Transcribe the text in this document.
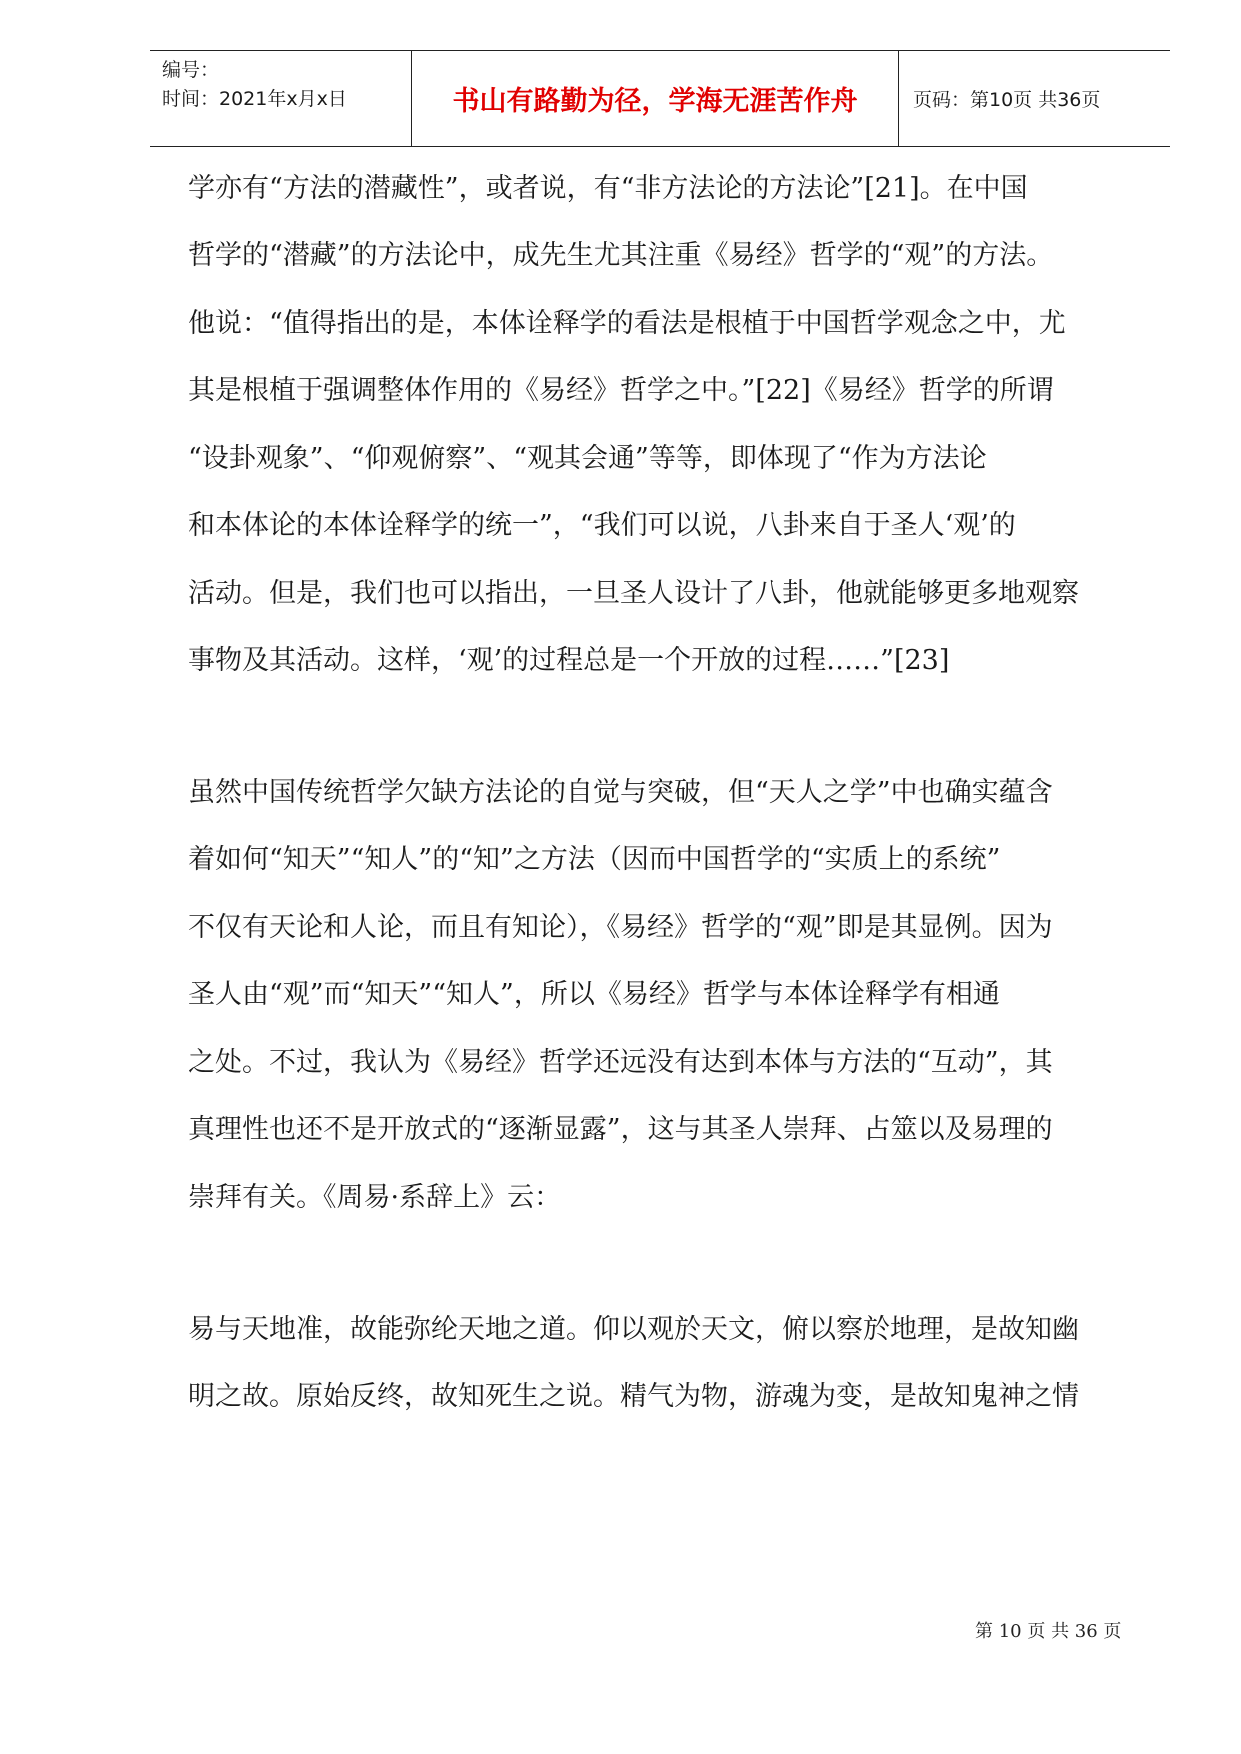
编号：
时间：2021年x月x日	书山有路勤为径，学海无涯苦作舟	页码：第10页 共36页
学亦有“方法的潜藏性”，或者说，有“非方法论的方法论”[21]。在中国
哲学的“潜藏”的方法论中，成先生尤其注重《易经》哲学的“观”的方法。
他说：“值得指出的是，本体诠释学的看法是根植于中国哲学观念之中，尤
其是根植于强调整体作用的《易经》哲学之中。”[22]《易经》哲学的所谓
“设卦观象”、“仰观俯察”、“观其会通”等等，即体现了“作为方法论
和本体论的本体诠释学的统一”，“我们可以说，八卦来自于圣人‘观’的
活动。但是，我们也可以指出，一旦圣人设计了八卦，他就能够更多地观察
事物及其活动。这样，‘观’的过程总是一个开放的过程……”[23]
虽然中国传统哲学欠缺方法论的自觉与突破，但“天人之学”中也确实蕴含
着如何“知天”“知人”的“知”之方法（因而中国哲学的“实质上的系统”
不仅有天论和人论，而且有知论），《易经》哲学的“观”即是其显例。因为
圣人由“观”而“知天”“知人”，所以《易经》哲学与本体诠释学有相通
之处。不过，我认为《易经》哲学还远没有达到本体与方法的“互动”，其
真理性也还不是开放式的“逐渐显露”，这与其圣人崇拜、占筮以及易理的
崇拜有关。《周易·系辞上》云：
易与天地准，故能弥纶天地之道。仰以观於天文，俯以察於地理，是故知幽
明之故。原始反终，故知死生之说。精气为物，游魂为变，是故知鬼神之情
第 10 页 共 36 页
